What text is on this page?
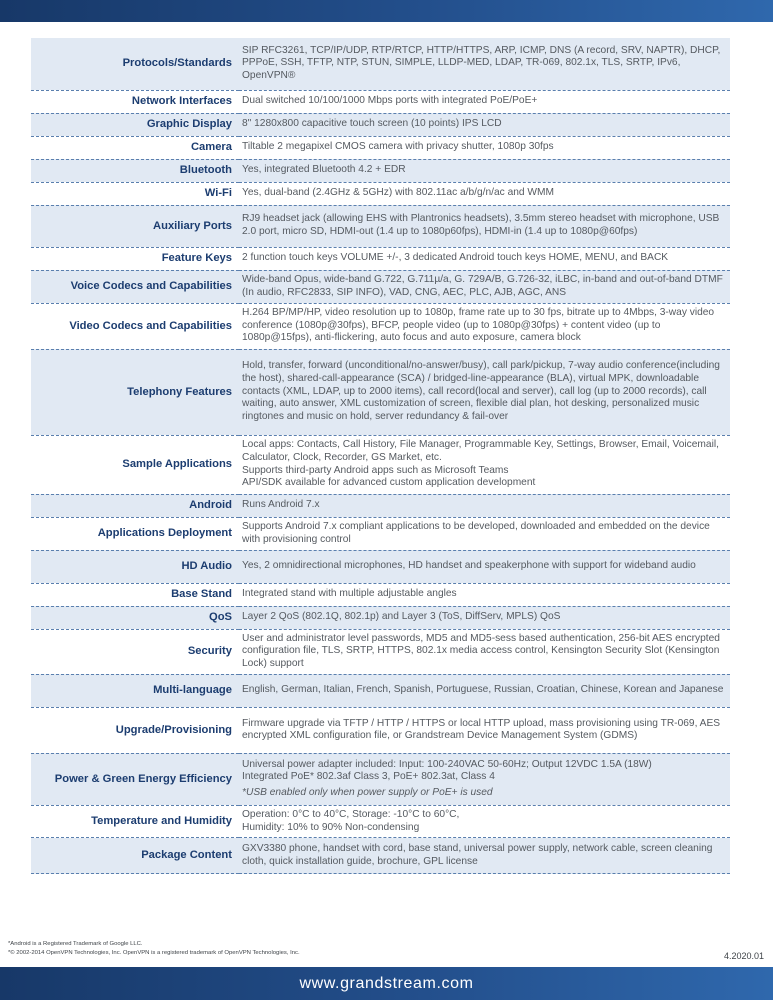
Protocols/Standards	SIP RFC3261, TCP/IP/UDP, RTP/RTCP, HTTP/HTTPS, ARP, ICMP, DNS (A record, SRV, NAPTR), DHCP, PPPoE, SSH, TFTP, NTP, STUN, SIMPLE, LLDP-MED, LDAP, TR-069, 802.1x, TLS, SRTP, IPv6, OpenVPN®

Network Interfaces	Dual switched 10/100/1000 Mbps ports with integrated PoE/PoE+

Graphic Display	8" 1280x800 capacitive touch screen (10 points) IPS LCD

Camera	Tiltable 2 megapixel CMOS camera with privacy shutter, 1080p 30fps

Bluetooth	Yes, integrated Bluetooth 4.2 + EDR

Wi-Fi	Yes, dual-band (2.4GHz & 5GHz) with 802.11ac a/b/g/n/ac and WMM

Auxiliary Ports	RJ9 headset jack (allowing EHS with Plantronics headsets), 3.5mm stereo headset with microphone, USB 2.0 port, micro SD, HDMI-out (1.4 up to 1080p60fps), HDMI-in (1.4 up to 1080p@60fps)

Feature Keys	2 function touch keys VOLUME +/-, 3 dedicated Android touch keys HOME, MENU, and BACK

Voice Codecs and Capabilities	Wide-band Opus, wide-band G.722, G.711µ/a, G. 729A/B, G.726-32, iLBC, in-band and out-of-band DTMF (In audio, RFC2833, SIP INFO), VAD, CNG, AEC, PLC, AJB, AGC, ANS

Video Codecs and Capabilities	H.264 BP/MP/HP, video resolution up to 1080p, frame rate up to 30 fps, bitrate up to 4Mbps, 3-way video conference (1080p@30fps), BFCP, people video (up to 1080p@30fps) + content video (up to 1080p@15fps), anti-flickering, auto focus and auto exposure, camera block

Telephony Features	Hold, transfer, forward (unconditional/no-answer/busy), call park/pickup, 7-way audio conference(including the host), shared-call-appearance (SCA) / bridged-line-appearance (BLA), virtual MPK, downloadable contacts (XML, LDAP, up to 2000 items), call record(local and server), call log (up to 2000 records), call waiting, auto answer, XML customization of screen, flexible dial plan, hot desking, personalized music ringtones and music on hold, server redundancy & fail-over

Sample Applications	Local apps: Contacts, Call History, File Manager, Programmable Key, Settings, Browser, Email, Voicemail, Calculator, Clock, Recorder, GS Market, etc.
Supports third-party Android apps such as Microsoft Teams
API/SDK available for advanced custom application development

Android	Runs Android 7.x

Applications Deployment	Supports Android 7.x compliant applications to be developed, downloaded and embedded on the device with provisioning control

HD Audio	Yes, 2 omnidirectional microphones, HD handset and speakerphone with support for wideband audio

Base Stand	Integrated stand with multiple adjustable angles

QoS	Layer 2 QoS (802.1Q, 802.1p) and Layer 3 (ToS, DiffServ, MPLS) QoS

Security	User and administrator level passwords, MD5 and MD5-sess based authentication, 256-bit AES encrypted configuration file, TLS, SRTP, HTTPS, 802.1x media access control, Kensington Security Slot (Kensington Lock) support

Multi-language	English, German, Italian, French, Spanish, Portuguese, Russian, Croatian, Chinese, Korean and Japanese

Upgrade/Provisioning	Firmware upgrade via TFTP / HTTP / HTTPS or local HTTP upload, mass provisioning using TR-069, AES encrypted XML configuration file, or Grandstream Device Management System (GDMS)

Power & Green Energy Efficiency	Universal power adapter included: Input: 100-240VAC 50-60Hz; Output 12VDC 1.5A (18W)
Integrated PoE* 802.3af Class 3, PoE+ 802.3at, Class 4
*USB enabled only when power supply or PoE+ is used

Temperature and Humidity	Operation: 0°C to 40°C, Storage: -10°C to 60°C,
Humidity: 10% to 90% Non-condensing

Package Content	GXV3380 phone, handset with cord, base stand, universal power supply, network cable, screen cleaning cloth, quick installation guide, brochure, GPL license
*Android is a Registered Trademark of Google LLC.
*© 2002-2014 OpenVPN Technologies, Inc. OpenVPN is a registered trademark of OpenVPN Technologies, Inc.	4.2020.01
www.grandstream.com
